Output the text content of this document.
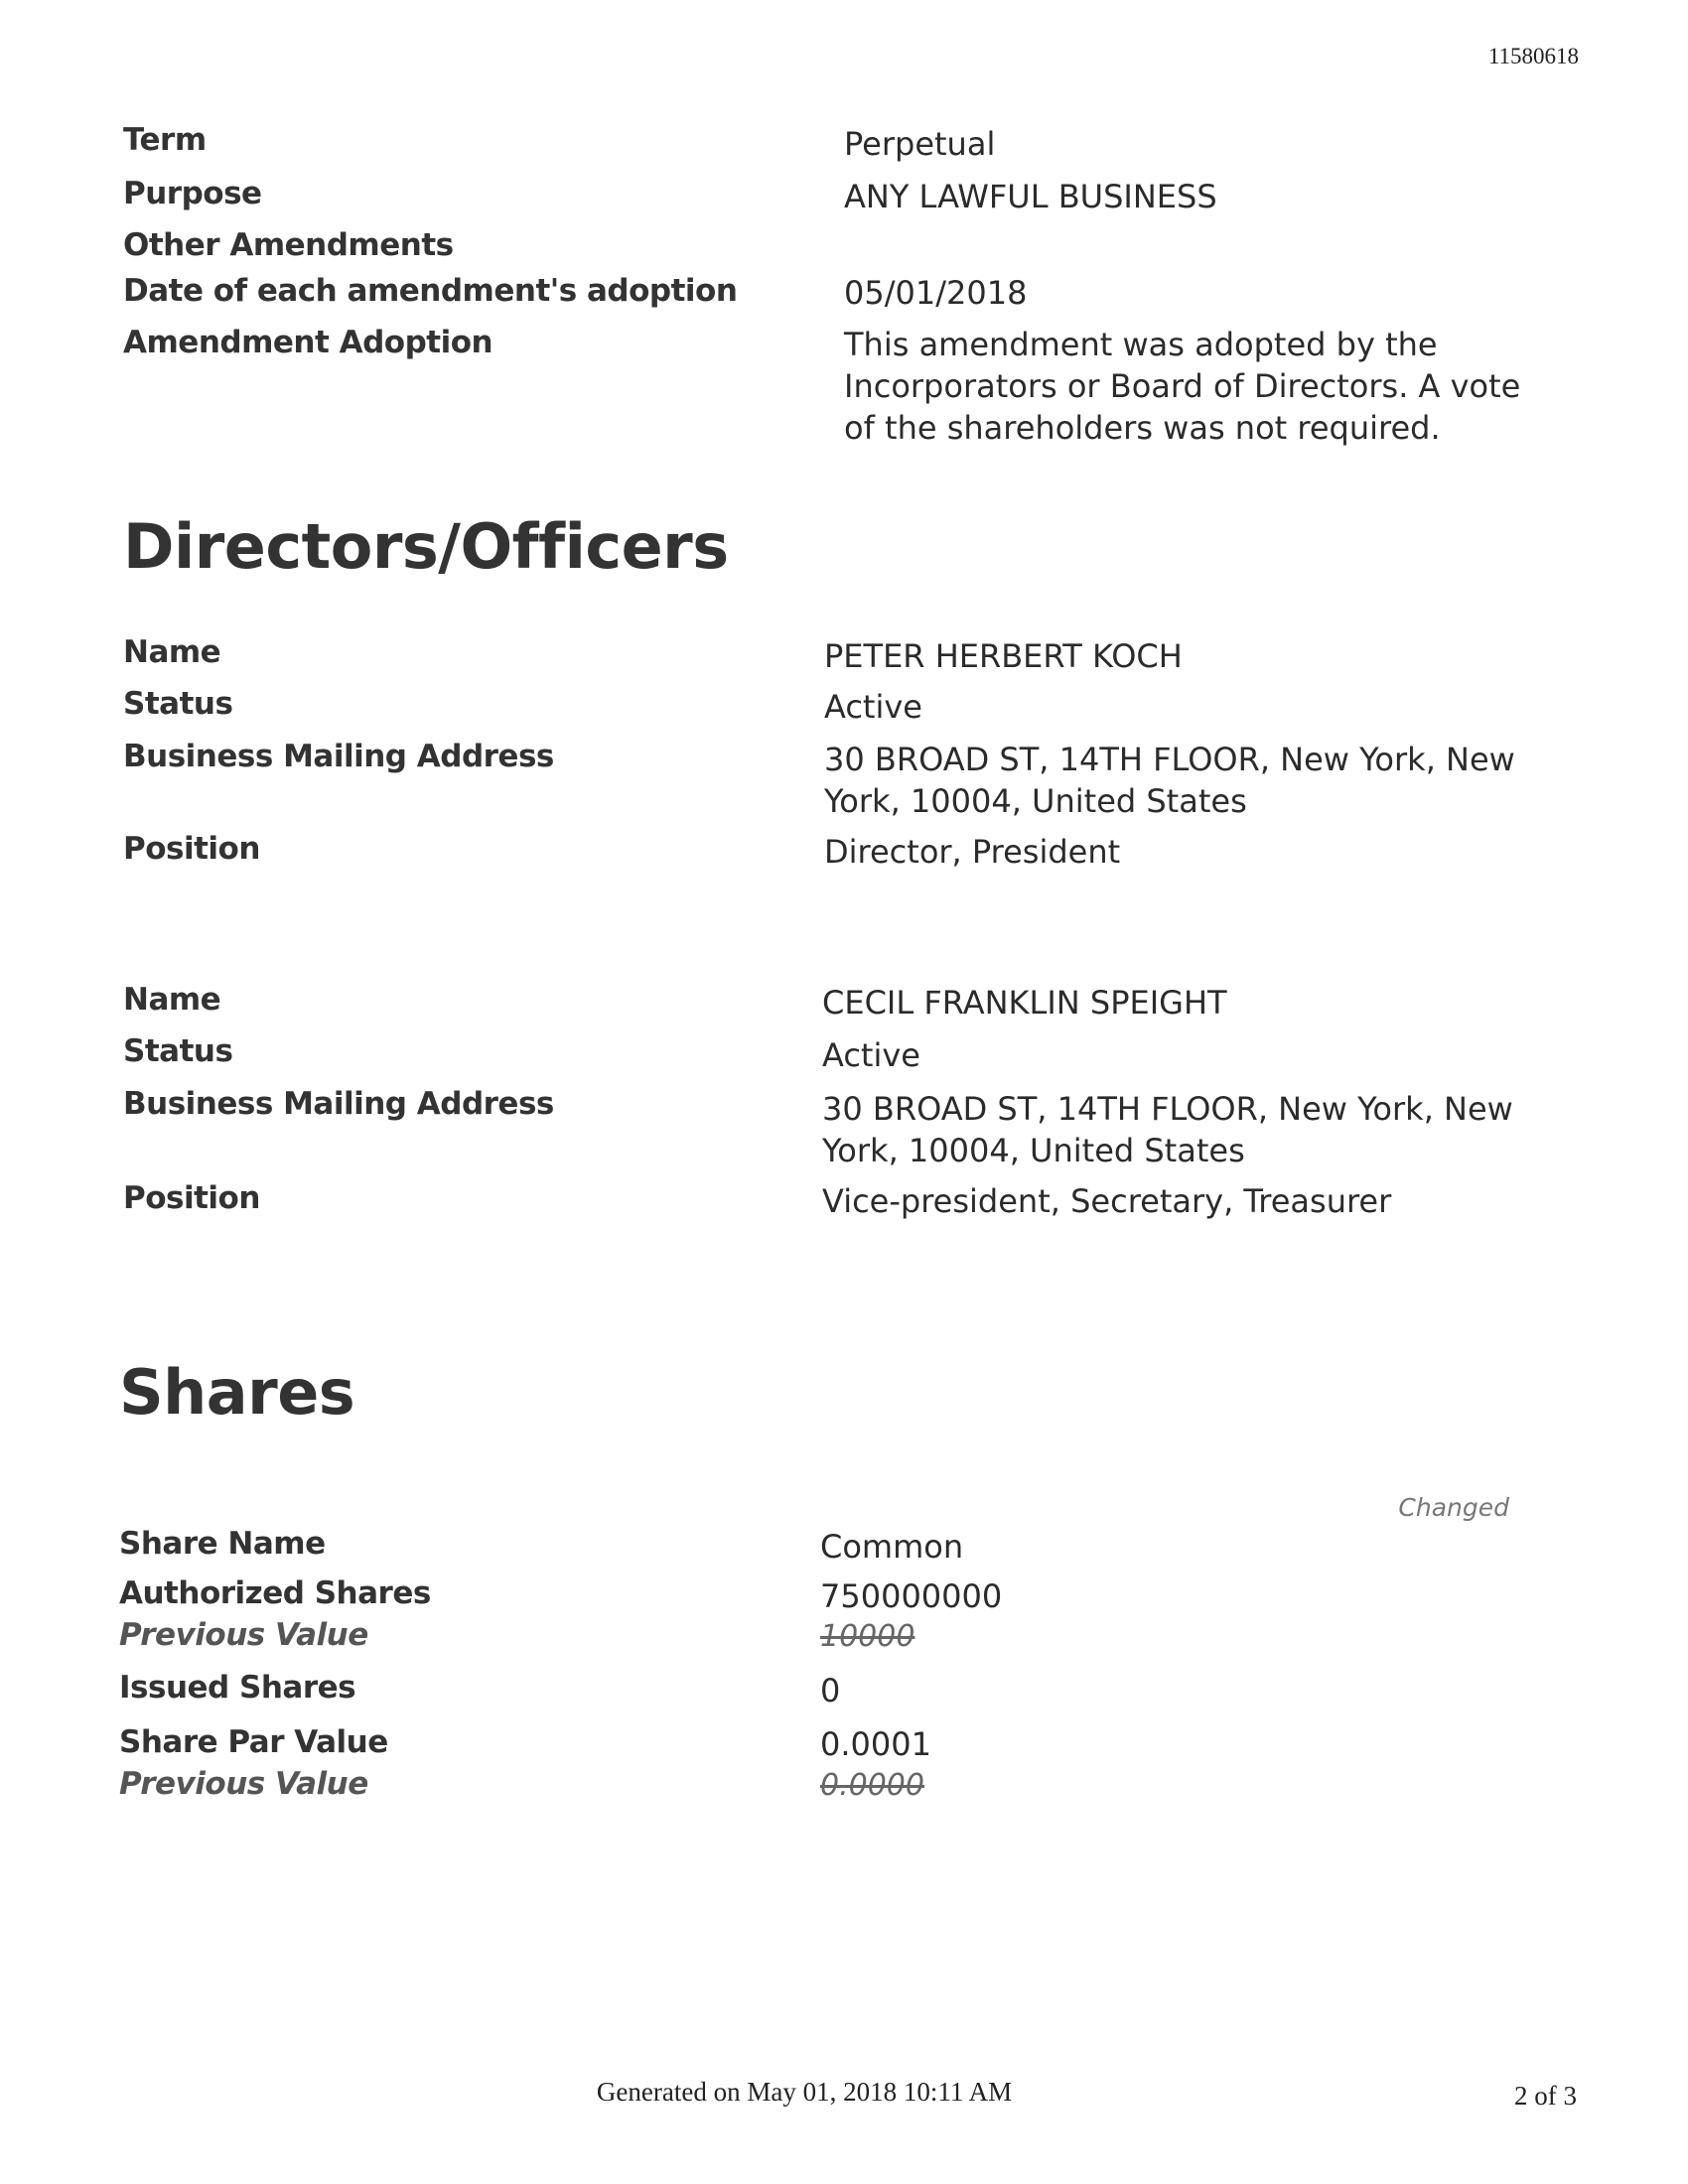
11580618
Term	Perpetual
Purpose	ANY LAWFUL BUSINESS
Other Amendments
Date of each amendment's adoption	05/01/2018
Amendment Adoption	This amendment was adopted by the Incorporators or Board of Directors. A vote of the shareholders was not required.
Directors/Officers
Name	PETER HERBERT KOCH
Status	Active
Business Mailing Address	30 BROAD ST, 14TH FLOOR, New York, New York, 10004, United States
Position	Director, President
Name	CECIL FRANKLIN SPEIGHT
Status	Active
Business Mailing Address	30 BROAD ST, 14TH FLOOR, New York, New York, 10004, United States
Position	Vice-president, Secretary, Treasurer
Shares
Changed
Share Name	Common
Authorized Shares	750000000
Previous Value	10000
Issued Shares	0
Share Par Value	0.0001
Previous Value	0.0000
Generated on May 01, 2018 10:11 AM	2 of 3
